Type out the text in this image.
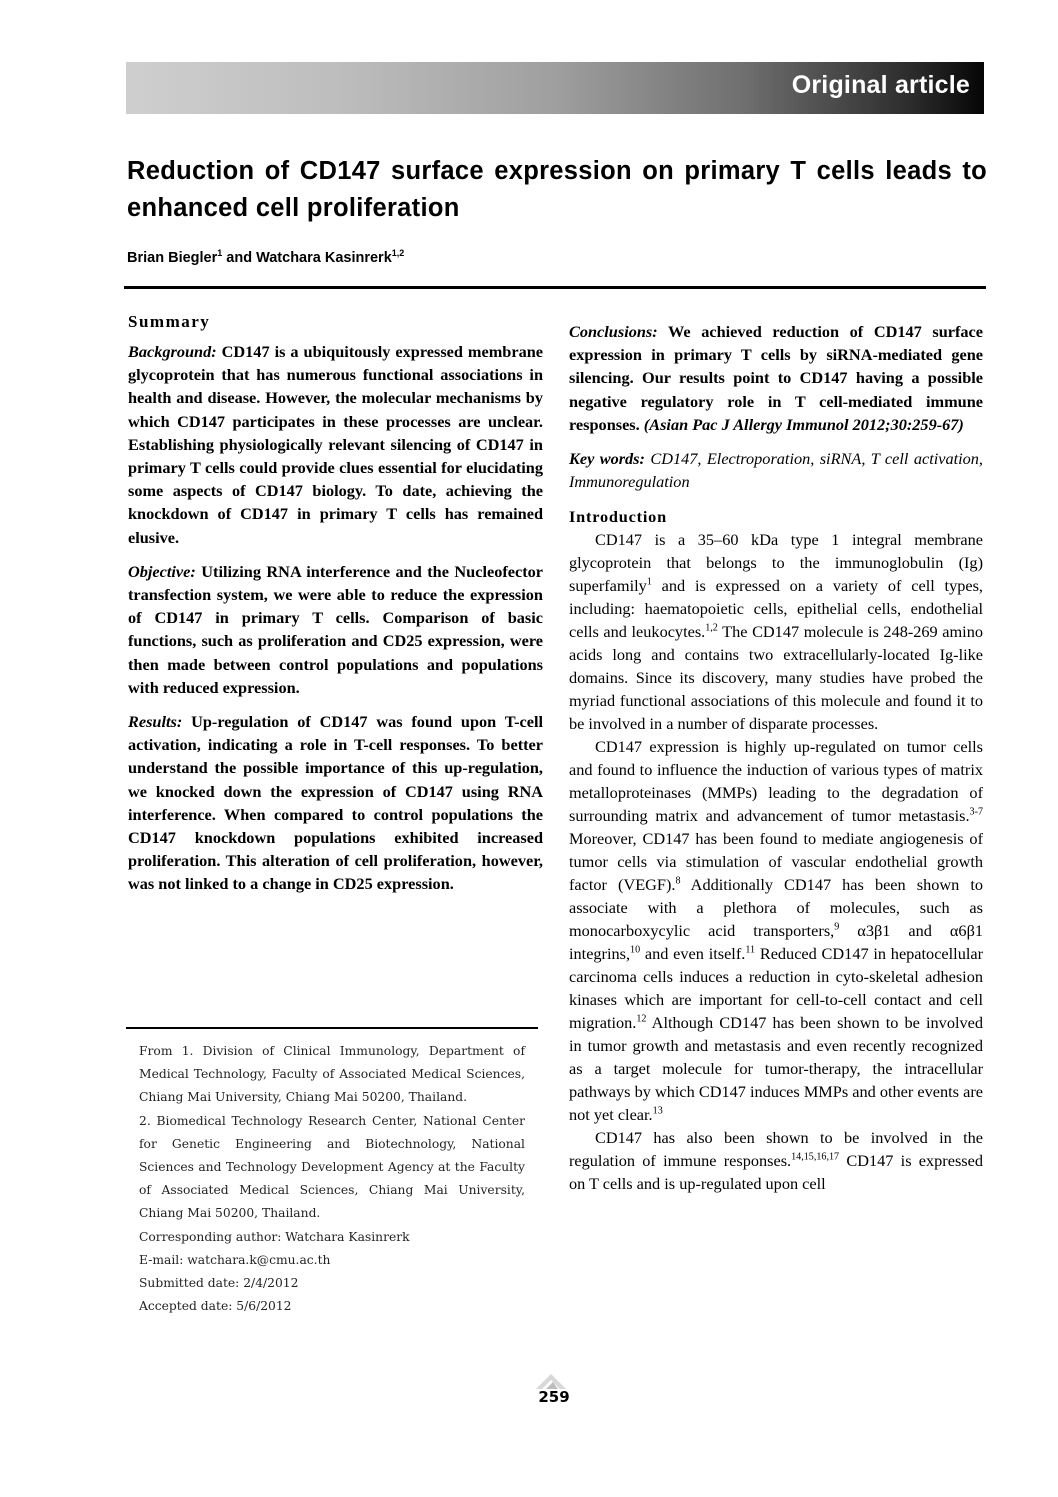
Original article
Reduction of CD147 surface expression on primary T cells leads to enhanced cell proliferation
Brian Biegler$^1$ and Watchara Kasinrerk$^{1,2}$
Summary

Background: CD147 is a ubiquitously expressed membrane glycoprotein that has numerous functional associations in health and disease. However, the molecular mechanisms by which CD147 participates in these processes are unclear. Establishing physiologically relevant silencing of CD147 in primary T cells could provide clues essential for elucidating some aspects of CD147 biology. To date, achieving the knockdown of CD147 in primary T cells has remained elusive.

Objective: Utilizing RNA interference and the Nucleofector transfection system, we were able to reduce the expression of CD147 in primary T cells. Comparison of basic functions, such as proliferation and CD25 expression, were then made between control populations and populations with reduced expression.

Results: Up-regulation of CD147 was found upon T-cell activation, indicating a role in T-cell responses. To better understand the possible importance of this up-regulation, we knocked down the expression of CD147 using RNA interference. When compared to control populations the CD147 knockdown populations exhibited increased proliferation. This alteration of cell proliferation, however, was not linked to a change in CD25 expression.

From 1. Division of Clinical Immunology, Department of Medical Technology, Faculty of Associated Medical Sciences, Chiang Mai University, Chiang Mai 50200, Thailand.

2. Biomedical Technology Research Center, National Center for Genetic Engineering and Biotechnology, National Sciences and Technology Development Agency at the Faculty of Associated Medical Sciences, Chiang Mai University, Chiang Mai 50200, Thailand.

Corresponding author: Watchara Kasinrerk

E-mail: watchara.k@cmu.ac.th

Submitted date: 2/4/2012

Accepted date: 5/6/2012

Conclusions: We achieved reduction of CD147 surface expression in primary T cells by siRNA-mediated gene silencing. Our results point to CD147 having a possible negative regulatory role in T cell-mediated immune responses. (Asian Pac J Allergy Immunol 2012;30:259-67)

Key words: CD147, Electroporation, siRNA, T cell activation, Immunoregulation

Introduction

CD147 is a 35–60 kDa type 1 integral membrane glycoprotein that belongs to the immunoglobulin (Ig) superfamily$^1$ and is expressed on a variety of cell types, including: haematopoietic cells, epithelial cells, endothelial cells and leukocytes.$^{1,2}$ The CD147 molecule is 248-269 amino acids long and contains two extracellularly-located Ig-like domains. Since its discovery, many studies have probed the myriad functional associations of this molecule and found it to be involved in a number of disparate processes.

CD147 expression is highly up-regulated on tumor cells and found to influence the induction of various types of matrix metalloproteinases (MMPs) leading to the degradation of surrounding matrix and advancement of tumor metastasis.$^{3-7}$ Moreover, CD147 has been found to mediate angiogenesis of tumor cells via stimulation of vascular endothelial growth factor (VEGF).$^8$ Additionally CD147 has been shown to associate with a plethora of molecules, such as monocarboxycylic acid transporters,$^9$ α3β1 and α6β1 integrins,$^{10}$ and even itself.$^{11}$ Reduced CD147 in hepatocellular carcinoma cells induces a reduction in cyto-skeletal adhesion kinases which are important for cell-to-cell contact and cell migration.$^{12}$ Although CD147 has been shown to be involved in tumor growth and metastasis and even recently recognized as a target molecule for tumor-therapy, the intracellular pathways by which CD147 induces MMPs and other events are not yet clear.$^{13}$

CD147 has also been shown to be involved in the regulation of immune responses.$^{14,15,16,17}$ CD147 is expressed on T cells and is up-regulated upon cell

259
